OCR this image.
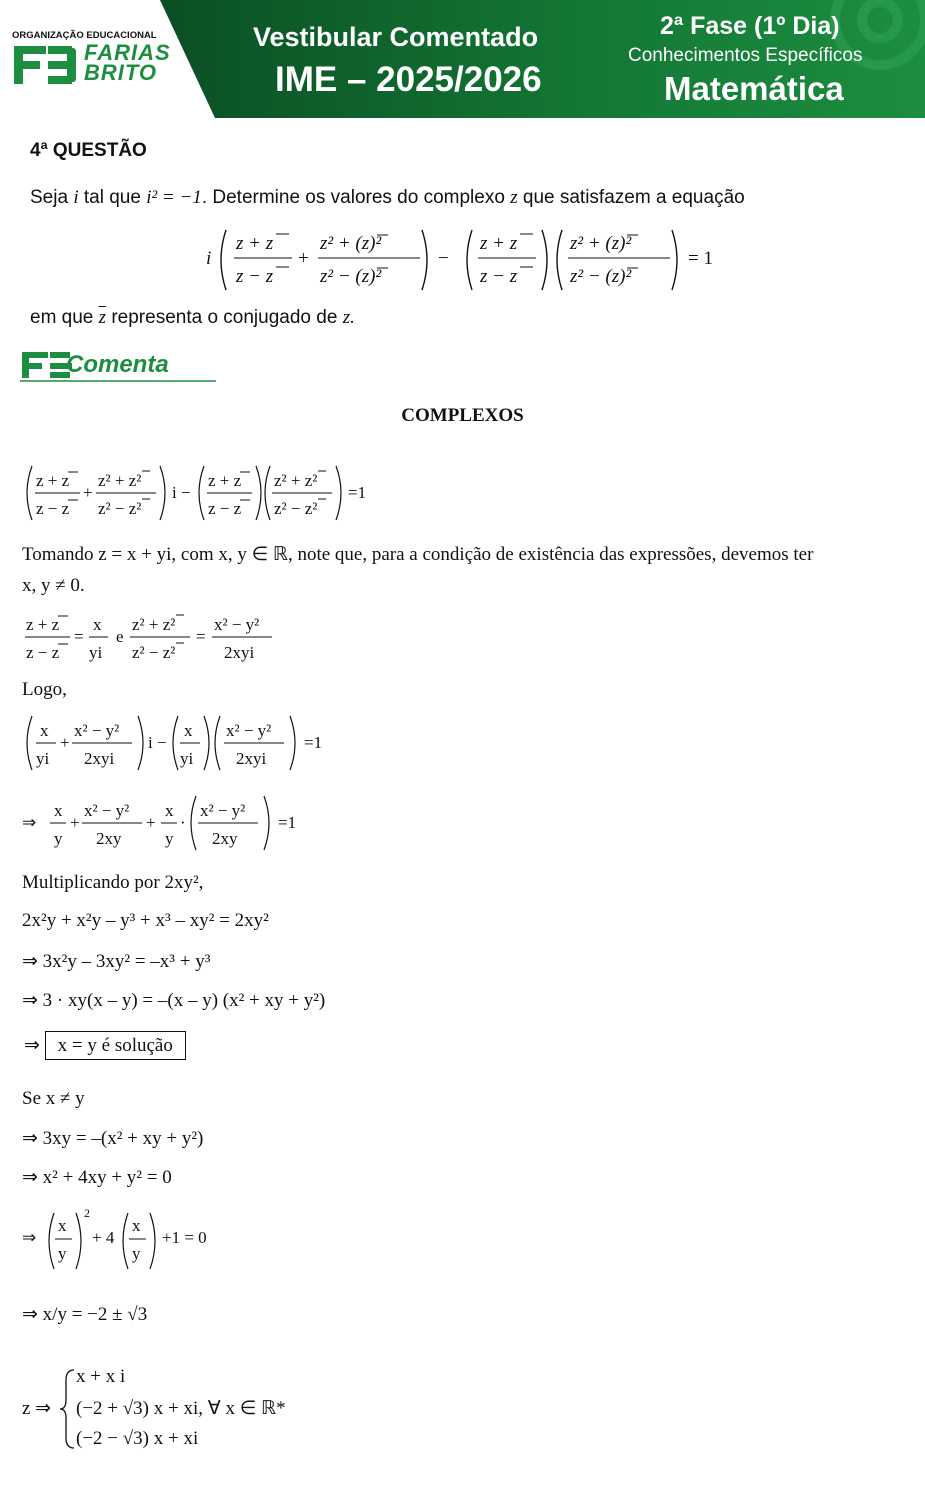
ORGANIZAÇÃO EDUCACIONAL
FARIAS
BRITO
Vestibular Comentado
IME – 2025/2026
2ª Fase (1º Dia)
Conhecimentos Específicos
Matemática
4ª QUESTÃO
Seja i tal que i² = −1. Determine os valores do complexo z que satisfazem a equação
i
z + z
z − z
+
z² + (z)²
z² − (z)²
−
z + z
z − z
z² + (z)²
z² − (z)²
= 1
em que $\overline{z}$ representa o conjugado de z.
Comenta
COMPLEXOS
z + z
z − z
+
z² + z²
z² − z²
i −
z + z
z − z
z² + z²
z² − z²
=1
Tomando z = x + yi, com x, y ∈ ℝ, note que, para a condição de existência das expressões, devemos ter
x, y ≠ 0.
z + z
z − z
=
x
yi
e
z² + z²
z² − z²
=
x² − y²
2xyi
Logo,
x
yi
+
x² − y²
2xyi
i −
x
yi
x² − y²
2xyi
=1
⇒
x
y
+
x² − y²
2xy
+
x
y
·
x² − y²
2xy
=1
Multiplicando por 2xy²,
2x²y + x²y – y³ + x³ – xy² = 2xy²
⇒ 3x²y – 3xy² = –x³ + y³
⇒ 3 · xy(x – y) = –(x – y) (x² + xy + y²)
⇒ x = y é solução
Se x ≠ y
⇒ 3xy = –(x² + xy + y²)
⇒ x² + 4xy + y² = 0
⇒
x
y
2
+ 4
x
y
+1 = 0
⇒ x/y = −2 ± √3
z ⇒
x + x i
(−2 + √3) x + xi, ∀ x ∈ ℝ*
(−2 − √3) x + xi
